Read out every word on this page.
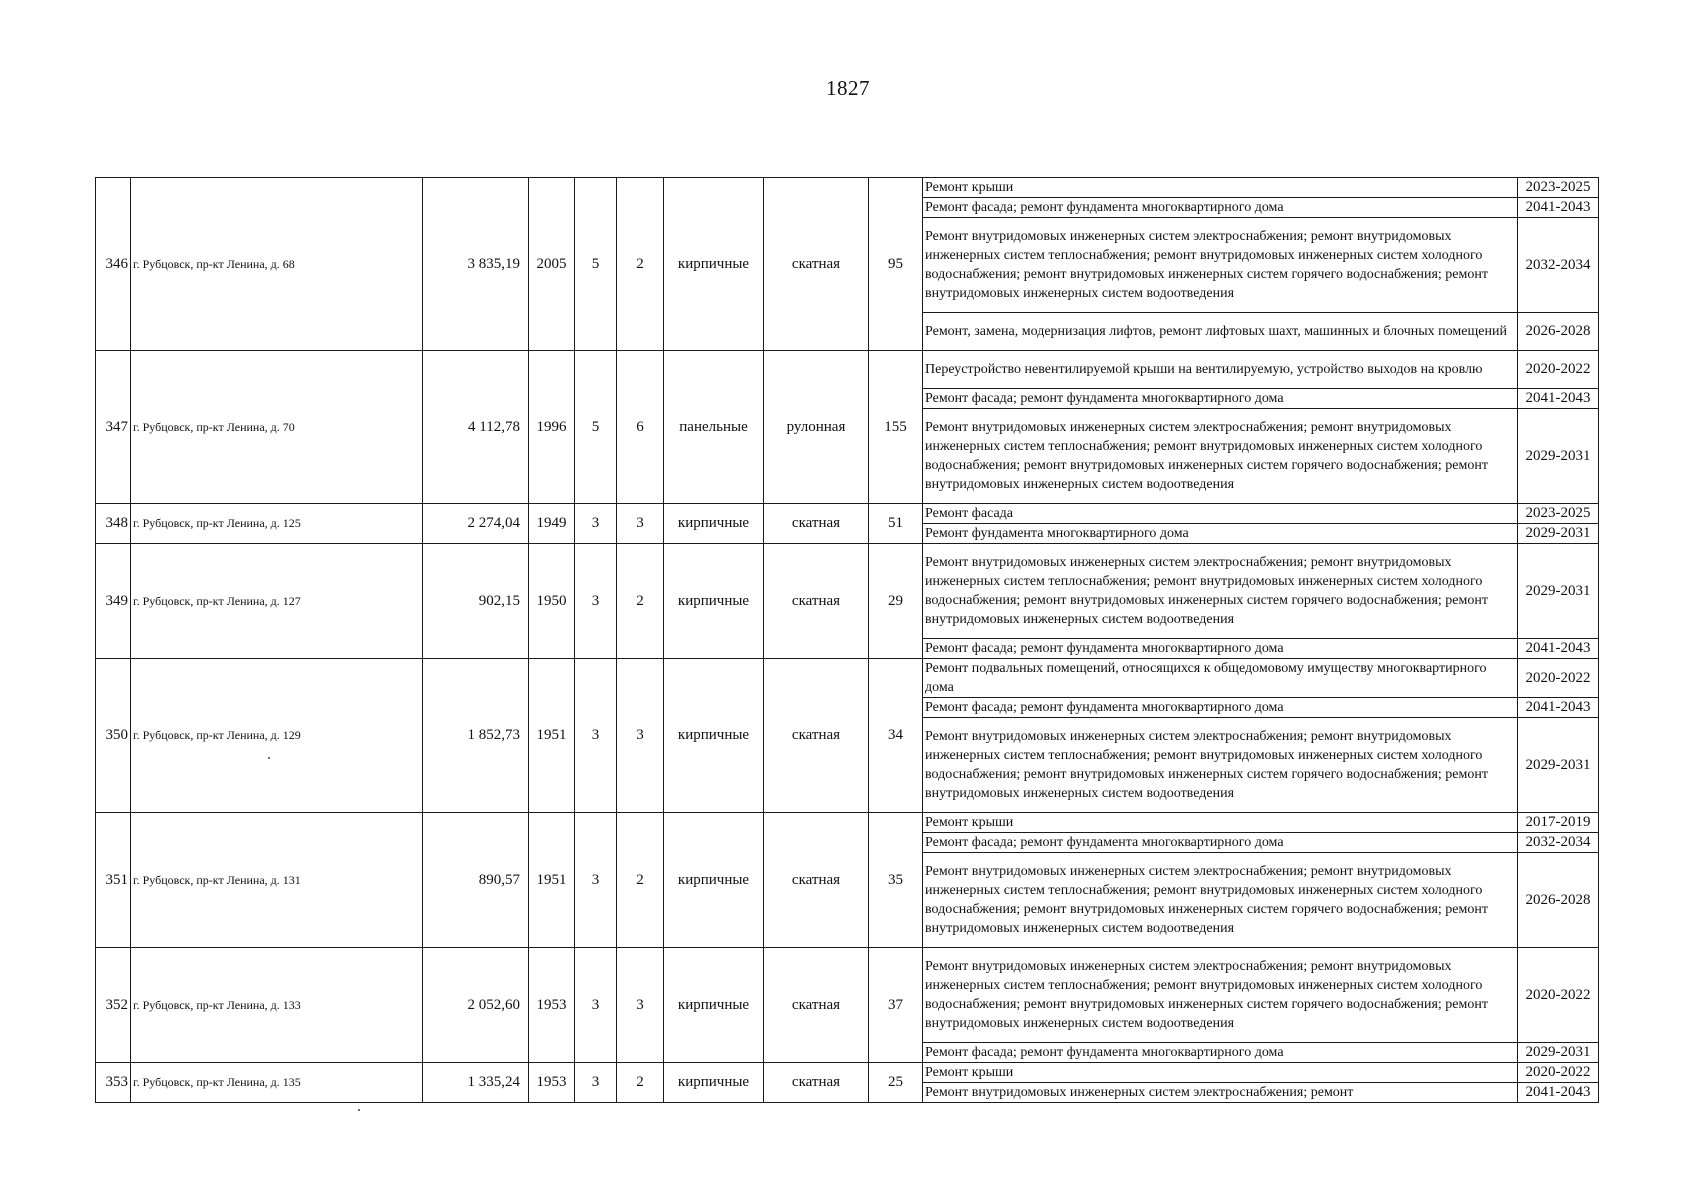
1827
346	г. Рубцовск, пр-кт Ленина, д. 68	3 835,19	2005	5	2	кирпичные	скатная	95	Ремонт крыши	2023-2025
									Ремонт фасада; ремонт фундамента многоквартирного дома	2041-2043
									Ремонт внутридомовых инженерных систем электроснабжения; ремонт внутридомовых инженерных систем теплоснабжения; ремонт внутридомовых инженерных систем холодного водоснабжения; ремонт внутридомовых инженерных систем горячего водоснабжения; ремонт внутридомовых инженерных систем водоотведения	2032-2034
									Ремонт, замена, модернизация лифтов, ремонт лифтовых шахт, машинных и блочных помещений	2026-2028
347	г. Рубцовск, пр-кт Ленина, д. 70	4 112,78	1996	5	6	панельные	рулонная	155	Переустройство невентилируемой крыши на вентилируемую, устройство выходов на кровлю	2020-2022
									Ремонт фасада; ремонт фундамента многоквартирного дома	2041-2043
									Ремонт внутридомовых инженерных систем электроснабжения; ремонт внутридомовых инженерных систем теплоснабжения; ремонт внутридомовых инженерных систем холодного водоснабжения; ремонт внутридомовых инженерных систем горячего водоснабжения; ремонт внутридомовых инженерных систем водоотведения	2029-2031
348	г. Рубцовск, пр-кт Ленина, д. 125	2 274,04	1949	3	3	кирпичные	скатная	51	Ремонт фасада	2023-2025
									Ремонт фундамента многоквартирного дома	2029-2031
349	г. Рубцовск, пр-кт Ленина, д. 127	902,15	1950	3	2	кирпичные	скатная	29	Ремонт внутридомовых инженерных систем электроснабжения; ремонт внутридомовых инженерных систем теплоснабжения; ремонт внутридомовых инженерных систем холодного водоснабжения; ремонт внутридомовых инженерных систем горячего водоснабжения; ремонт внутридомовых инженерных систем водоотведения	2029-2031
									Ремонт фасада; ремонт фундамента многоквартирного дома	2041-2043
350	г. Рубцовск, пр-кт Ленина, д. 129	1 852,73	1951	3	3	кирпичные	скатная	34	Ремонт подвальных помещений, относящихся к общедомовому имуществу многоквартирного дома	2020-2022
									Ремонт фасада; ремонт фундамента многоквартирного дома	2041-2043
									Ремонт внутридомовых инженерных систем электроснабжения; ремонт внутридомовых инженерных систем теплоснабжения; ремонт внутридомовых инженерных систем холодного водоснабжения; ремонт внутридомовых инженерных систем горячего водоснабжения; ремонт внутридомовых инженерных систем водоотведения	2029-2031
351	г. Рубцовск, пр-кт Ленина, д. 131	890,57	1951	3	2	кирпичные	скатная	35	Ремонт крыши	2017-2019
									Ремонт фасада; ремонт фундамента многоквартирного дома	2032-2034
									Ремонт внутридомовых инженерных систем электроснабжения; ремонт внутридомовых инженерных систем теплоснабжения; ремонт внутридомовых инженерных систем холодного водоснабжения; ремонт внутридомовых инженерных систем горячего водоснабжения; ремонт внутридомовых инженерных систем водоотведения	2026-2028
352	г. Рубцовск, пр-кт Ленина, д. 133	2 052,60	1953	3	3	кирпичные	скатная	37	Ремонт внутридомовых инженерных систем электроснабжения; ремонт внутридомовых инженерных систем теплоснабжения; ремонт внутридомовых инженерных систем холодного водоснабжения; ремонт внутридомовых инженерных систем горячего водоснабжения; ремонт внутридомовых инженерных систем водоотведения	2020-2022
									Ремонт фасада; ремонт фундамента многоквартирного дома	2029-2031
353	г. Рубцовск, пр-кт Ленина, д. 135	1 335,24	1953	3	2	кирпичные	скатная	25	Ремонт крыши	2020-2022
									Ремонт внутридомовых инженерных систем электроснабжения; ремонт	2041-2043
